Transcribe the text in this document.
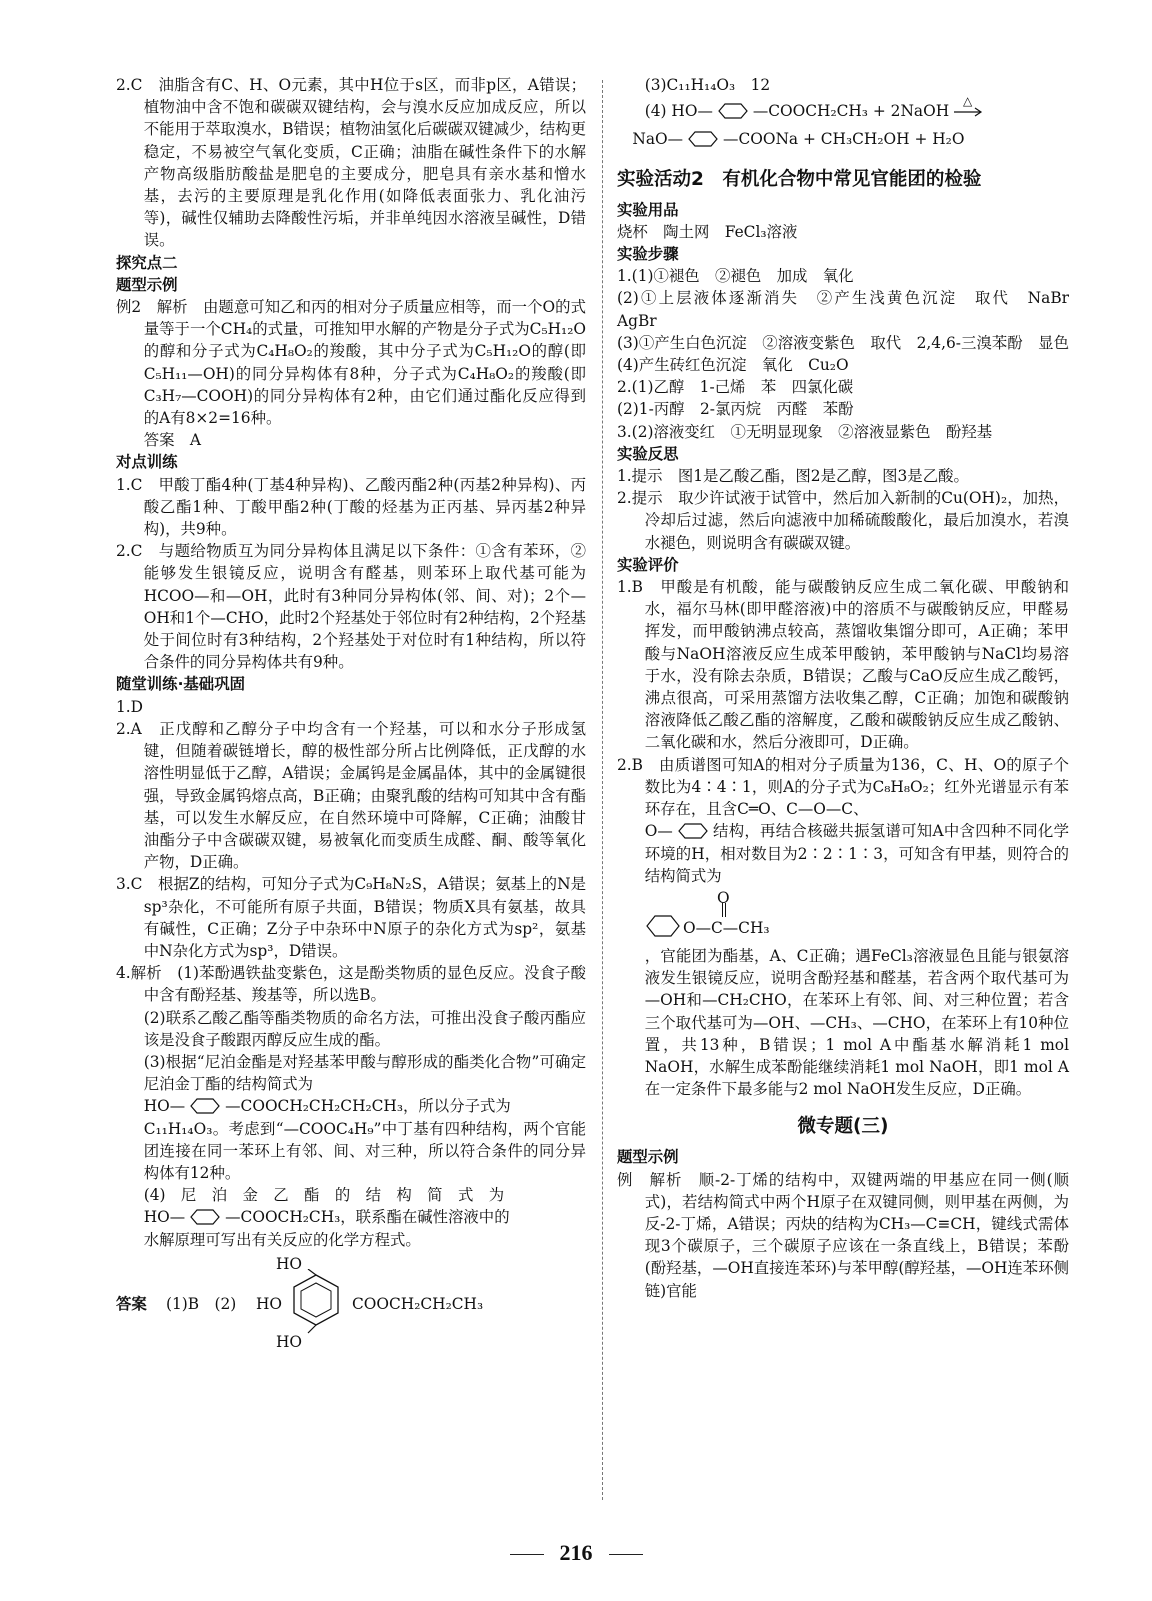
2.C　油脂含有C、H、O元素，其中H位于s区，而非p区，A错误；植物油中含不饱和碳碳双键结构，会与溴水反应加成反应，所以不能用于萃取溴水，B错误；植物油氢化后碳碳双键减少，结构更稳定，不易被空气氧化变质，C正确；油脂在碱性条件下的水解产物高级脂肪酸盐是肥皂的主要成分，肥皂具有亲水基和憎水基，去污的主要原理是乳化作用(如降低表面张力、乳化油污等)，碱性仅辅助去降酸性污垢，并非单纯因水溶液呈碱性，D错误。

探究点二

题型示例

例2　解析　由题意可知乙和丙的相对分子质量应相等，而一个O的式量等于一个CH₄的式量，可推知甲水解的产物是分子式为C₅H₁₂O的醇和分子式为C₄H₈O₂的羧酸，其中分子式为C₅H₁₂O的醇(即C₅H₁₁—OH)的同分异构体有8种，分子式为C₄H₈O₂的羧酸(即C₃H₇—COOH)的同分异构体有2种，由它们通过酯化反应得到的A有8×2=16种。

答案　A

对点训练

1.C　甲酸丁酯4种(丁基4种异构)、乙酸丙酯2种(丙基2种异构)、丙酸乙酯1种、丁酸甲酯2种(丁酸的烃基为正丙基、异丙基2种异构)，共9种。

2.C　与题给物质互为同分异构体且满足以下条件：①含有苯环，②能够发生银镜反应，说明含有醛基，则苯环上取代基可能为HCOO—和—OH，此时有3种同分异构体(邻、间、对)；2个—OH和1个—CHO，此时2个羟基处于邻位时有2种结构，2个羟基处于间位时有3种结构，2个羟基处于对位时有1种结构，所以符合条件的同分异构体共有9种。

随堂训练·基础巩固

1.D

2.A　正戊醇和乙醇分子中均含有一个羟基，可以和水分子形成氢键，但随着碳链增长，醇的极性部分所占比例降低，正戊醇的水溶性明显低于乙醇，A错误；金属钨是金属晶体，其中的金属键很强，导致金属钨熔点高，B正确；由聚乳酸的结构可知其中含有酯基，可以发生水解反应，在自然环境中可降解，C正确；油酸甘油酯分子中含碳碳双键，易被氧化而变质生成醛、酮、酸等氧化产物，D正确。

3.C　根据Z的结构，可知分子式为C₉H₈N₂S，A错误；氨基上的N是sp³杂化，不可能所有原子共面，B错误；物质X具有氨基，故具有碱性，C正确；Z分子中杂环中N原子的杂化方式为sp²，氨基中N杂化方式为sp³，D错误。

4.解析　(1)苯酚遇铁盐变紫色，这是酚类物质的显色反应。没食子酸中含有酚羟基、羧基等，所以选B。

(2)联系乙酸乙酯等酯类物质的命名方法，可推出没食子酸丙酯应该是没食子酸跟丙醇反应生成的酯。

(3)根据“尼泊金酯是对羟基苯甲酸与醇形成的酯类化合物”可确定尼泊金丁酯的结构简式为

HO—	—COOCH₂CH₂CH₂CH₃，所以分子式为

C₁₁H₁₄O₃。考虑到“—COOC₄H₉”中丁基有四种结构，两个官能团连接在同一苯环上有邻、间、对三种，所以符合条件的同分异构体有12种。

(4)　尼　泊　金　乙　酯　的　结　构　简　式　为

HO—	—COOCH₂CH₃，联系酯在碱性溶液中的

水解原理可写出有关反应的化学方程式。

答案 (1)B　(2)
HO
HO
HO
COOCH₂CH₂CH₃

(3)C₁₁H₁₄O₃　12

(4) HO—	—COOCH₂CH₃ + 2NaOH
△

NaO—	—COONa + CH₃CH₂OH + H₂O

实验活动2　有机化合物中常见官能团的检验

实验用品

烧杯　陶土网　FeCl₃溶液

实验步骤

1.(1)①褪色　②褪色　加成　氧化

(2)①上层液体逐渐消失　②产生浅黄色沉淀　取代　NaBr　AgBr

(3)①产生白色沉淀　②溶液变紫色　取代　2,4,6-三溴苯酚　显色　(4)产生砖红色沉淀　氧化　Cu₂O

2.(1)乙醇　1-己烯　苯　四氯化碳

(2)1-丙醇　2-氯丙烷　丙醛　苯酚

3.(2)溶液变红　①无明显现象　②溶液显紫色　酚羟基

实验反思

1.提示　图1是乙酸乙酯，图2是乙醇，图3是乙酸。

2.提示　取少许试液于试管中，然后加入新制的Cu(OH)₂，加热，冷却后过滤，然后向滤液中加稀硫酸酸化，最后加溴水，若溴水褪色，则说明含有碳碳双键。

实验评价

1.B　甲酸是有机酸，能与碳酸钠反应生成二氧化碳、甲酸钠和水，福尔马林(即甲醛溶液)中的溶质不与碳酸钠反应，甲醛易挥发，而甲酸钠沸点较高，蒸馏收集馏分即可，A正确；苯甲酸与NaOH溶液反应生成苯甲酸钠，苯甲酸钠与NaCl均易溶于水，没有除去杂质，B错误；乙酸与CaO反应生成乙酸钙，沸点很高，可采用蒸馏方法收集乙醇，C正确；加饱和碳酸钠溶液降低乙酸乙酯的溶解度，乙酸和碳酸钠反应生成乙酸钠、二氧化碳和水，然后分液即可，D正确。

2.B　由质谱图可知A的相对分子质量为136，C、H、O的原子个数比为4∶4∶1，则A的分子式为C₈H₈O₂；红外光谱显示有苯环存在，且含C═O、C—O—C、

O—	结构，再结合核磁共振氢谱可知A中含四种不同化学环境的H，相对数目为2∶2∶1∶3，可知含有甲基，则符合的结构简式为

O
O—C—CH₃

，官能团为酯基，A、C正确；遇FeCl₃溶液显色且能与银氨溶液发生银镜反应，说明含酚羟基和醛基，若含两个取代基可为—OH和—CH₂CHO，在苯环上有邻、间、对三种位置；若含三个取代基可为—OH、—CH₃、—CHO，在苯环上有10种位置，共13种，B错误；1 mol A中酯基水解消耗1 mol NaOH，水解生成苯酚能继续消耗1 mol NaOH，即1 mol A在一定条件下最多能与2 mol NaOH发生反应，D正确。

微专题(三)

题型示例

例　解析　顺-2-丁烯的结构中，双键两端的甲基应在同一侧(顺式)，若结构简式中两个H原子在双键同侧，则甲基在两侧，为反-2-丁烯，A错误；丙炔的结构为CH₃—C≡CH，键线式需体现3个碳原子，三个碳原子应该在一条直线上，B错误；苯酚(酚羟基，—OH直接连苯环)与苯甲醇(醇羟基，—OH连苯环侧链)官能

216
